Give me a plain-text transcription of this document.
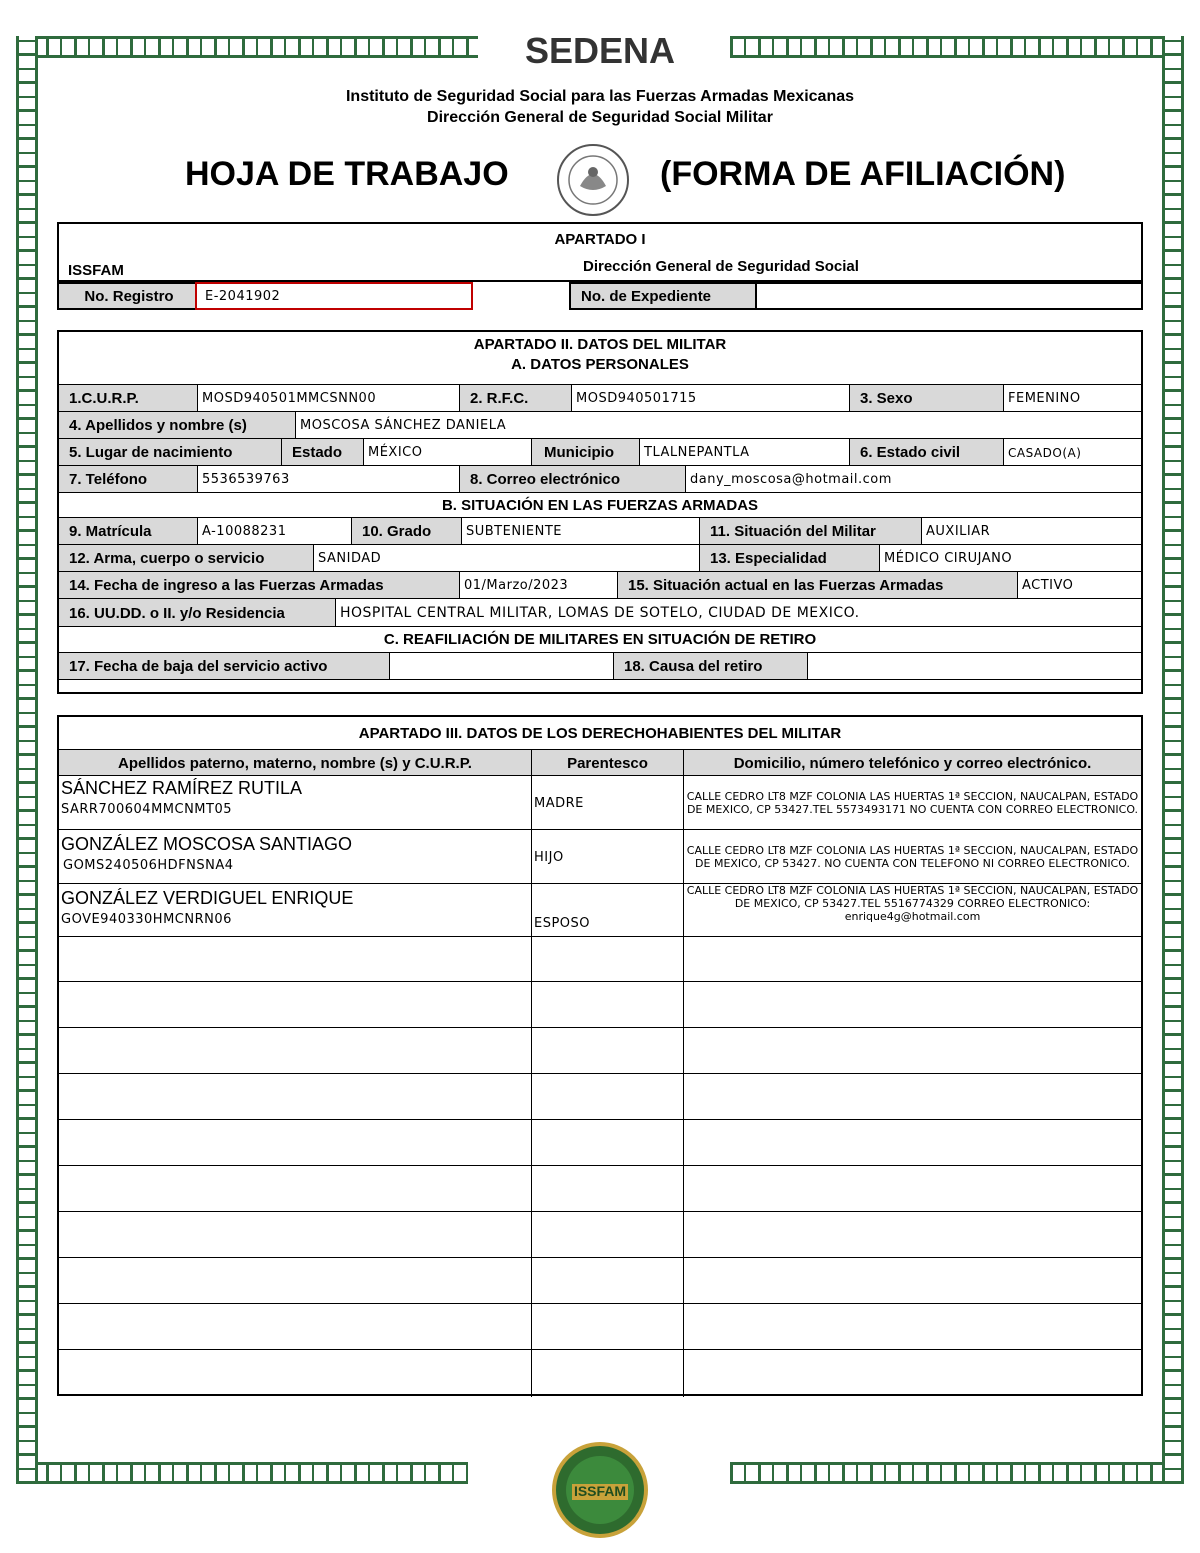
SEDENA
Instituto de Seguridad Social para las Fuerzas Armadas Mexicanas
Dirección General de Seguridad Social Militar
HOJA DE TRABAJO	(FORMA DE AFILIACIÓN)
APARTADO I
ISSFAM	Dirección General de Seguridad Social
No. Registro	E-2041902	No. de Expediente
APARTADO II. DATOS DEL MILITAR
A. DATOS PERSONALES
1.C.U.R.P.	MOSD940501MMCSNN00	2. R.F.C.	MOSD940501715	3. Sexo	FEMENINO
4. Apellidos y nombre (s)	MOSCOSA SÁNCHEZ DANIELA
5. Lugar de nacimiento	Estado	MÉXICO	Municipio	TLALNEPANTLA	6. Estado civil	CASADO(A)
7. Teléfono	5536539763	8. Correo electrónico	dany_moscosa@hotmail.com
B. SITUACIÓN EN LAS FUERZAS ARMADAS
9. Matrícula	A-10088231	10. Grado	SUBTENIENTE	11. Situación del Militar	AUXILIAR
12. Arma, cuerpo o servicio	SANIDAD	13. Especialidad	MÉDICO CIRUJANO
14. Fecha de ingreso a las Fuerzas Armadas	01/Marzo/2023	15. Situación actual en las Fuerzas Armadas	ACTIVO
16. UU.DD. o II. y/o Residencia	HOSPITAL CENTRAL MILITAR, LOMAS DE SOTELO, CIUDAD DE MEXICO.
C. REAFILIACIÓN DE MILITARES EN SITUACIÓN DE RETIRO
17. Fecha de baja del servicio activo	18. Causa del retiro
APARTADO III. DATOS DE LOS DERECHOHABIENTES DEL MILITAR
Apellidos paterno, materno, nombre (s) y C.U.R.P.	Parentesco	Domicilio, número telefónico y correo electrónico.
SÁNCHEZ RAMÍREZ RUTILA
SARR700604MMCNMT05	MADRE	CALLE CEDRO LT8 MZF COLONIA LAS HUERTAS 1ª SECCION, NAUCALPAN, ESTADO DE MEXICO, CP 53427.TEL 5573493171 NO CUENTA CON CORREO ELECTRONICO.
GONZÁLEZ MOSCOSA SANTIAGO
GOMS240506HDFNSNA4
HIJO	CALLE CEDRO LT8 MZF COLONIA LAS HUERTAS 1ª SECCION, NAUCALPAN, ESTADO DE MEXICO, CP 53427. NO CUENTA CON TELEFONO NI CORREO ELECTRONICO.
GONZÁLEZ VERDIGUEL ENRIQUE
GOVE940330HMCNRN06	ESPOSO
CALLE CEDRO LT8 MZF COLONIA LAS HUERTAS 1ª SECCION, NAUCALPAN, ESTADO DE MEXICO, CP 53427.TEL 5516774329 CORREO ELECTRONICO: enrique4g@hotmail.com
ISSFAM
